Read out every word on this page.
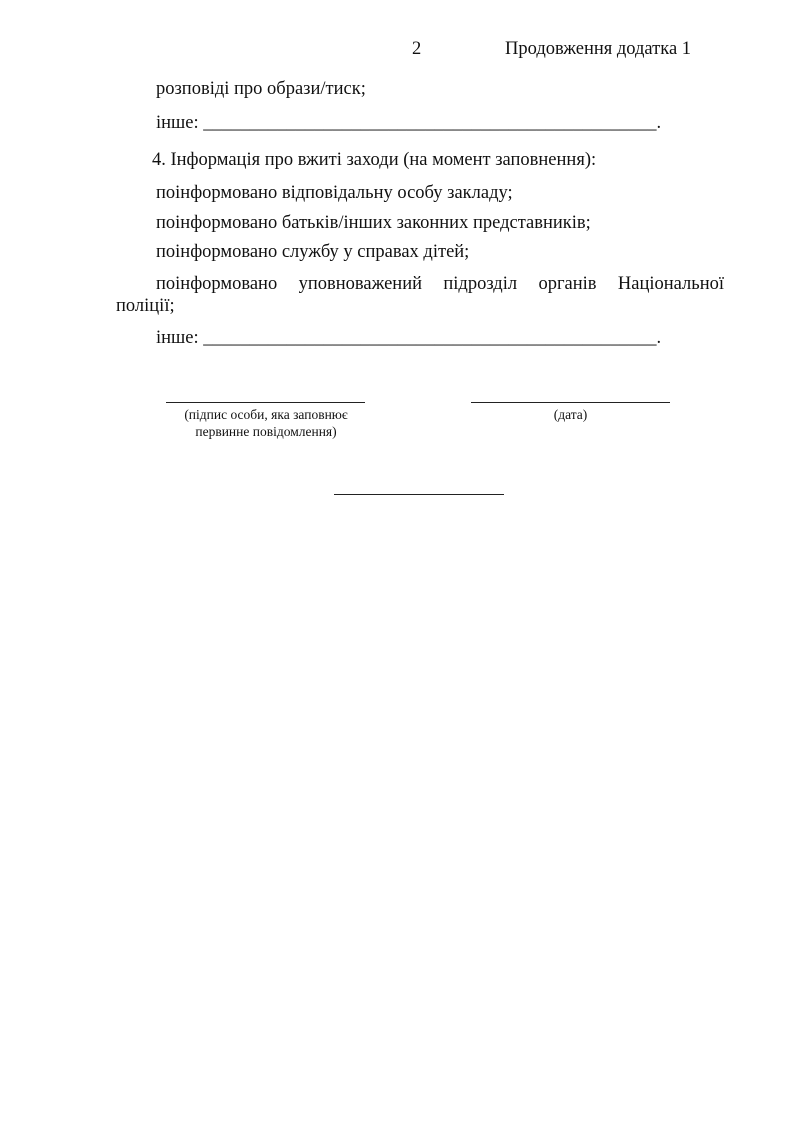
2	Продовження додатка 1
розповіді про образи/тиск;
інше: _________________________________________________.
4. Інформація про вжиті заходи (на момент заповнення):
поінформовано відповідальну особу закладу;
поінформовано батьків/інших законних представників;
поінформовано службу у справах дітей;
поінформовано уповноважений підрозділ органів Національної
поліції;
інше: _________________________________________________.
(підпис особи, яка заповнює
первинне повідомлення)
(дата)
